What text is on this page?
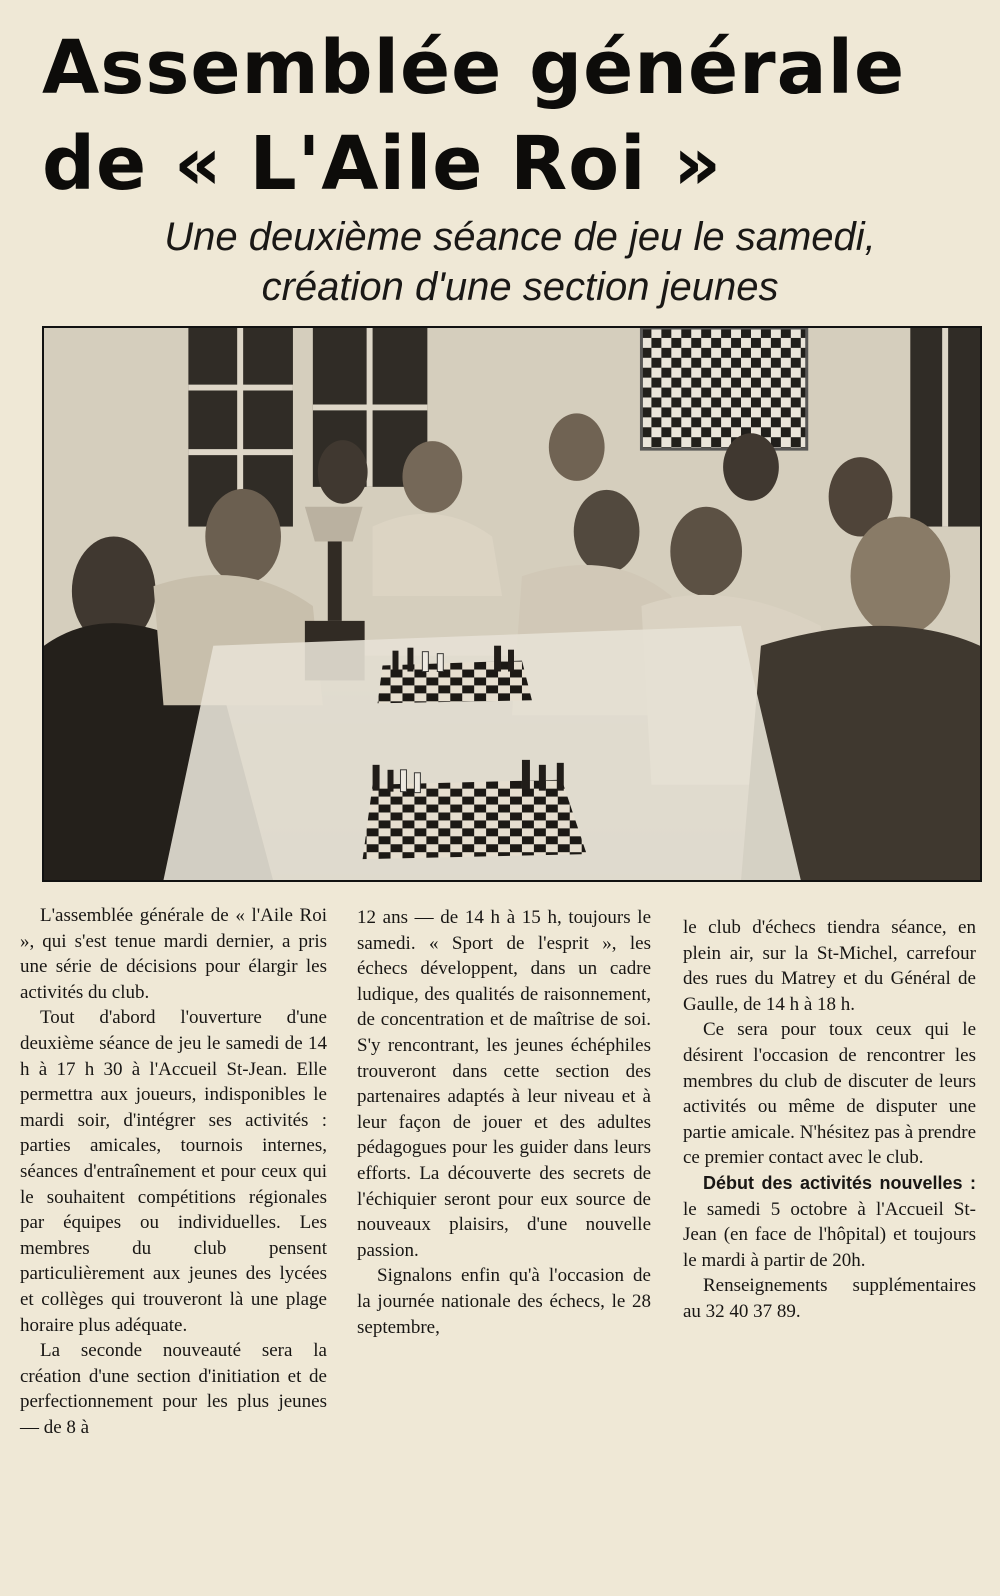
Assemblée générale
de « L'Aile Roi »
Une deuxième séance de jeu le samedi,
création d'une section jeunes

L'assemblée générale de « l'Aile Roi », qui s'est tenue mardi dernier, a pris une série de décisions pour élargir les activités du club.

Tout d'abord l'ouverture d'une deuxième séance de jeu le samedi de 14 h à 17 h 30 à l'Accueil St-Jean. Elle permettra aux joueurs, indisponibles le mardi soir, d'intégrer ses activités : parties amicales, tournois internes, séances d'entraînement et pour ceux qui le souhaitent compétitions régionales par équipes ou individuelles. Les membres du club pensent particulièrement aux jeunes des lycées et collèges qui trouveront là une plage horaire plus adéquate.

La seconde nouveauté sera la création d'une section d'initiation et de perfectionnement pour les plus jeunes — de 8 à

12 ans — de 14 h à 15 h, toujours le samedi. « Sport de l'esprit », les échecs développent, dans un cadre ludique, des qualités de raisonnement, de concentration et de maîtrise de soi. S'y rencontrant, les jeunes échéphiles trouveront dans cette section des partenaires adaptés à leur niveau et à leur façon de jouer et des adultes pédagogues pour les guider dans leurs efforts. La découverte des secrets de l'échiquier seront pour eux source de nouveaux plaisirs, d'une nouvelle passion.

Signalons enfin qu'à l'occasion de la journée nationale des échecs, le 28 septembre,

le club d'échecs tiendra séance, en plein air, sur la St-Michel, carrefour des rues du Matrey et du Général de Gaulle, de 14 h à 18 h.

Ce sera pour toux ceux qui le désirent l'occasion de rencontrer les membres du club de discuter de leurs activités ou même de disputer une partie amicale. N'hésitez pas à prendre ce premier contact avec le club.

Début des activités nouvelles : le samedi 5 octobre à l'Accueil St-Jean (en face de l'hôpital) et toujours le mardi à partir de 20h.

Renseignements supplémentaires au 32 40 37 89.
